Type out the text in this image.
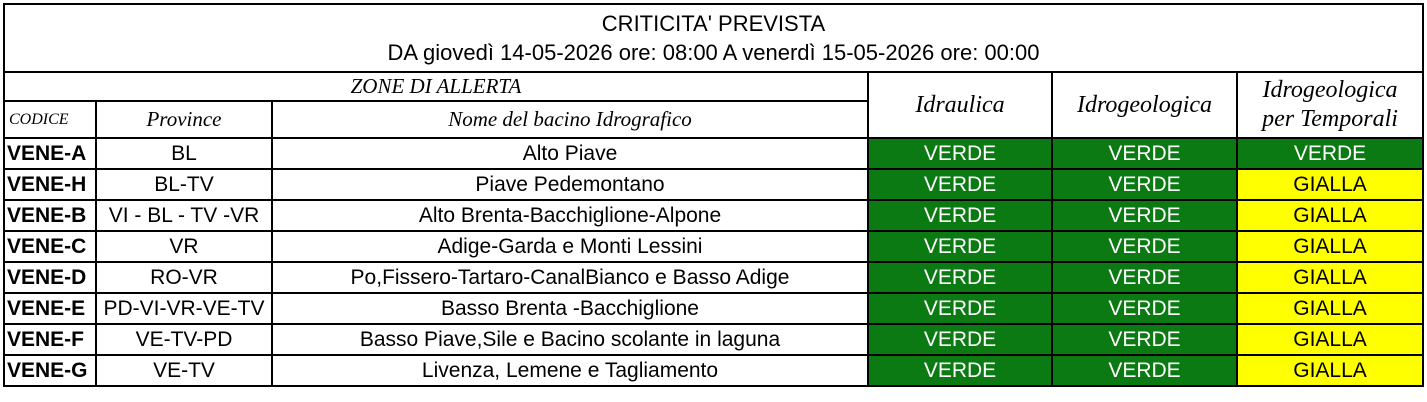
CRITICITA' PREVISTA
DA giovedì 14-05-2026 ore: 08:00 A venerdì 15-05-2026 ore: 00:00					

ZONE DI ALLERTA			Idraulica	Idrogeologica	Idrogeologica
per Temporali

CODICE	Province	Nome del bacino Idrografico			
VENE-A	BL	Alto Piave	VERDE	VERDE	VERDE
VENE-H	BL-TV	Piave Pedemontano	VERDE	VERDE	GIALLA
VENE-B	VI - BL - TV -VR	Alto Brenta-Bacchiglione-Alpone	VERDE	VERDE	GIALLA
VENE-C	VR	Adige-Garda e Monti Lessini	VERDE	VERDE	GIALLA
VENE-D	RO-VR	Po,Fissero-Tartaro-CanalBianco e Basso Adige	VERDE	VERDE	GIALLA
VENE-E	PD-VI-VR-VE-TV	Basso Brenta -Bacchiglione	VERDE	VERDE	GIALLA
VENE-F	VE-TV-PD	Basso Piave,Sile e Bacino scolante in laguna	VERDE	VERDE	GIALLA
VENE-G	VE-TV	Livenza, Lemene e Tagliamento	VERDE	VERDE	GIALLA
